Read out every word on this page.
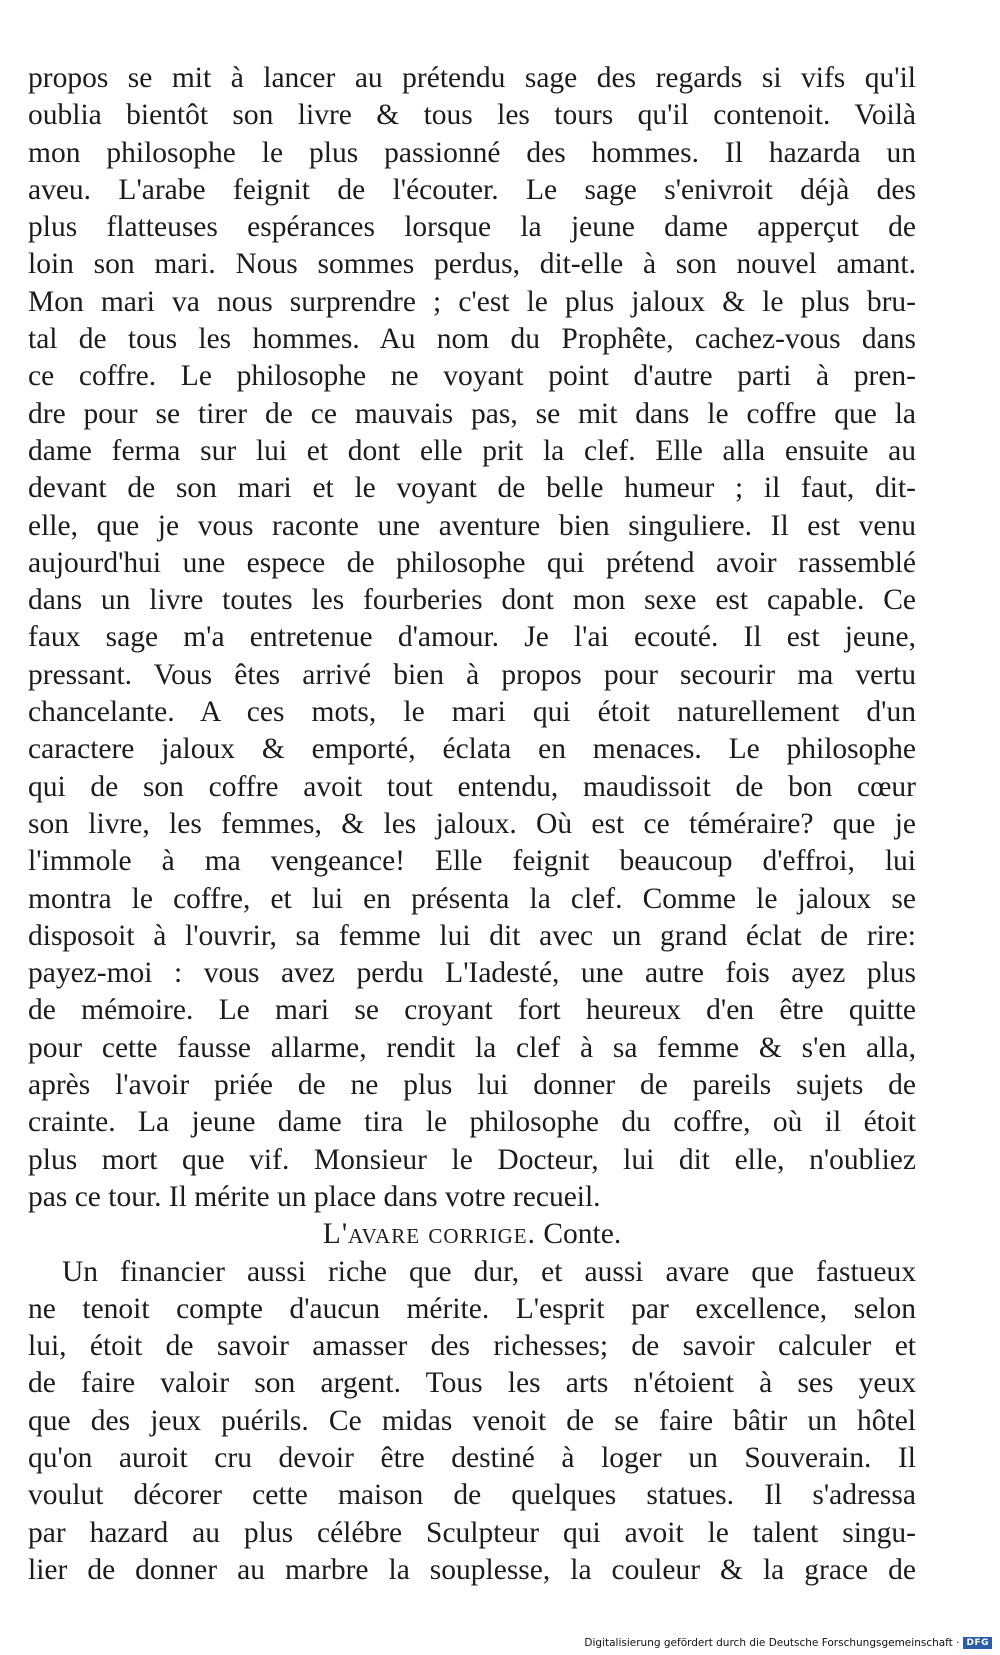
propos se mit à lancer au prétendu sage des regards si vifs qu'il
oublia bientôt son livre & tous les tours qu'il contenoit. Voilà
mon philosophe le plus passionné des hommes. Il hazarda un
aveu. L'arabe feignit de l'écouter. Le sage s'enivroit déjà des
plus flatteuses espérances lorsque la jeune dame apperçut de
loin son mari. Nous sommes perdus, dit-elle à son nouvel amant.
Mon mari va nous surprendre ; c'est le plus jaloux & le plus bru-
tal de tous les hommes. Au nom du Prophête, cachez-vous dans
ce coffre. Le philosophe ne voyant point d'autre parti à pren-
dre pour se tirer de ce mauvais pas, se mit dans le coffre que la
dame ferma sur lui et dont elle prit la clef. Elle alla ensuite au
devant de son mari et le voyant de belle humeur ; il faut, dit-
elle, que je vous raconte une aventure bien singuliere. Il est venu
aujourd'hui une espece de philosophe qui prétend avoir rassemblé
dans un livre toutes les fourberies dont mon sexe est capable. Ce
faux sage m'a entretenue d'amour. Je l'ai ecouté. Il est jeune,
pressant. Vous êtes arrivé bien à propos pour secourir ma vertu
chancelante. A ces mots, le mari qui étoit naturellement d'un
caractere jaloux & emporté, éclata en menaces. Le philosophe
qui de son coffre avoit tout entendu, maudissoit de bon cœur
son livre, les femmes, & les jaloux. Où est ce téméraire? que je
l'immole à ma vengeance! Elle feignit beaucoup d'effroi, lui
montra le coffre, et lui en présenta la clef. Comme le jaloux se
disposoit à l'ouvrir, sa femme lui dit avec un grand éclat de rire:
payez-moi : vous avez perdu L'Iadesté, une autre fois ayez plus
de mémoire. Le mari se croyant fort heureux d'en être quitte
pour cette fausse allarme, rendit la clef à sa femme & s'en alla,
après l'avoir priée de ne plus lui donner de pareils sujets de
crainte. La jeune dame tira le philosophe du coffre, où il étoit
plus mort que vif. Monsieur le Docteur, lui dit elle, n'oubliez
pas ce tour. Il mérite un place dans votre recueil.
L'avare corrige. Conte.
Un financier aussi riche que dur, et aussi avare que fastueux
ne tenoit compte d'aucun mérite. L'esprit par excellence, selon
lui, étoit de savoir amasser des richesses; de savoir calculer et
de faire valoir son argent. Tous les arts n'étoient à ses yeux
que des jeux puérils. Ce midas venoit de se faire bâtir un hôtel
qu'on auroit cru devoir être destiné à loger un Souverain. Il
voulut décorer cette maison de quelques statues. Il s'adressa
par hazard au plus célébre Sculpteur qui avoit le talent singu-
lier de donner au marbre la souplesse, la couleur & la grace de
Digitalisierung gefördert durch die Deutsche Forschungsgemeinschaft · DFG
